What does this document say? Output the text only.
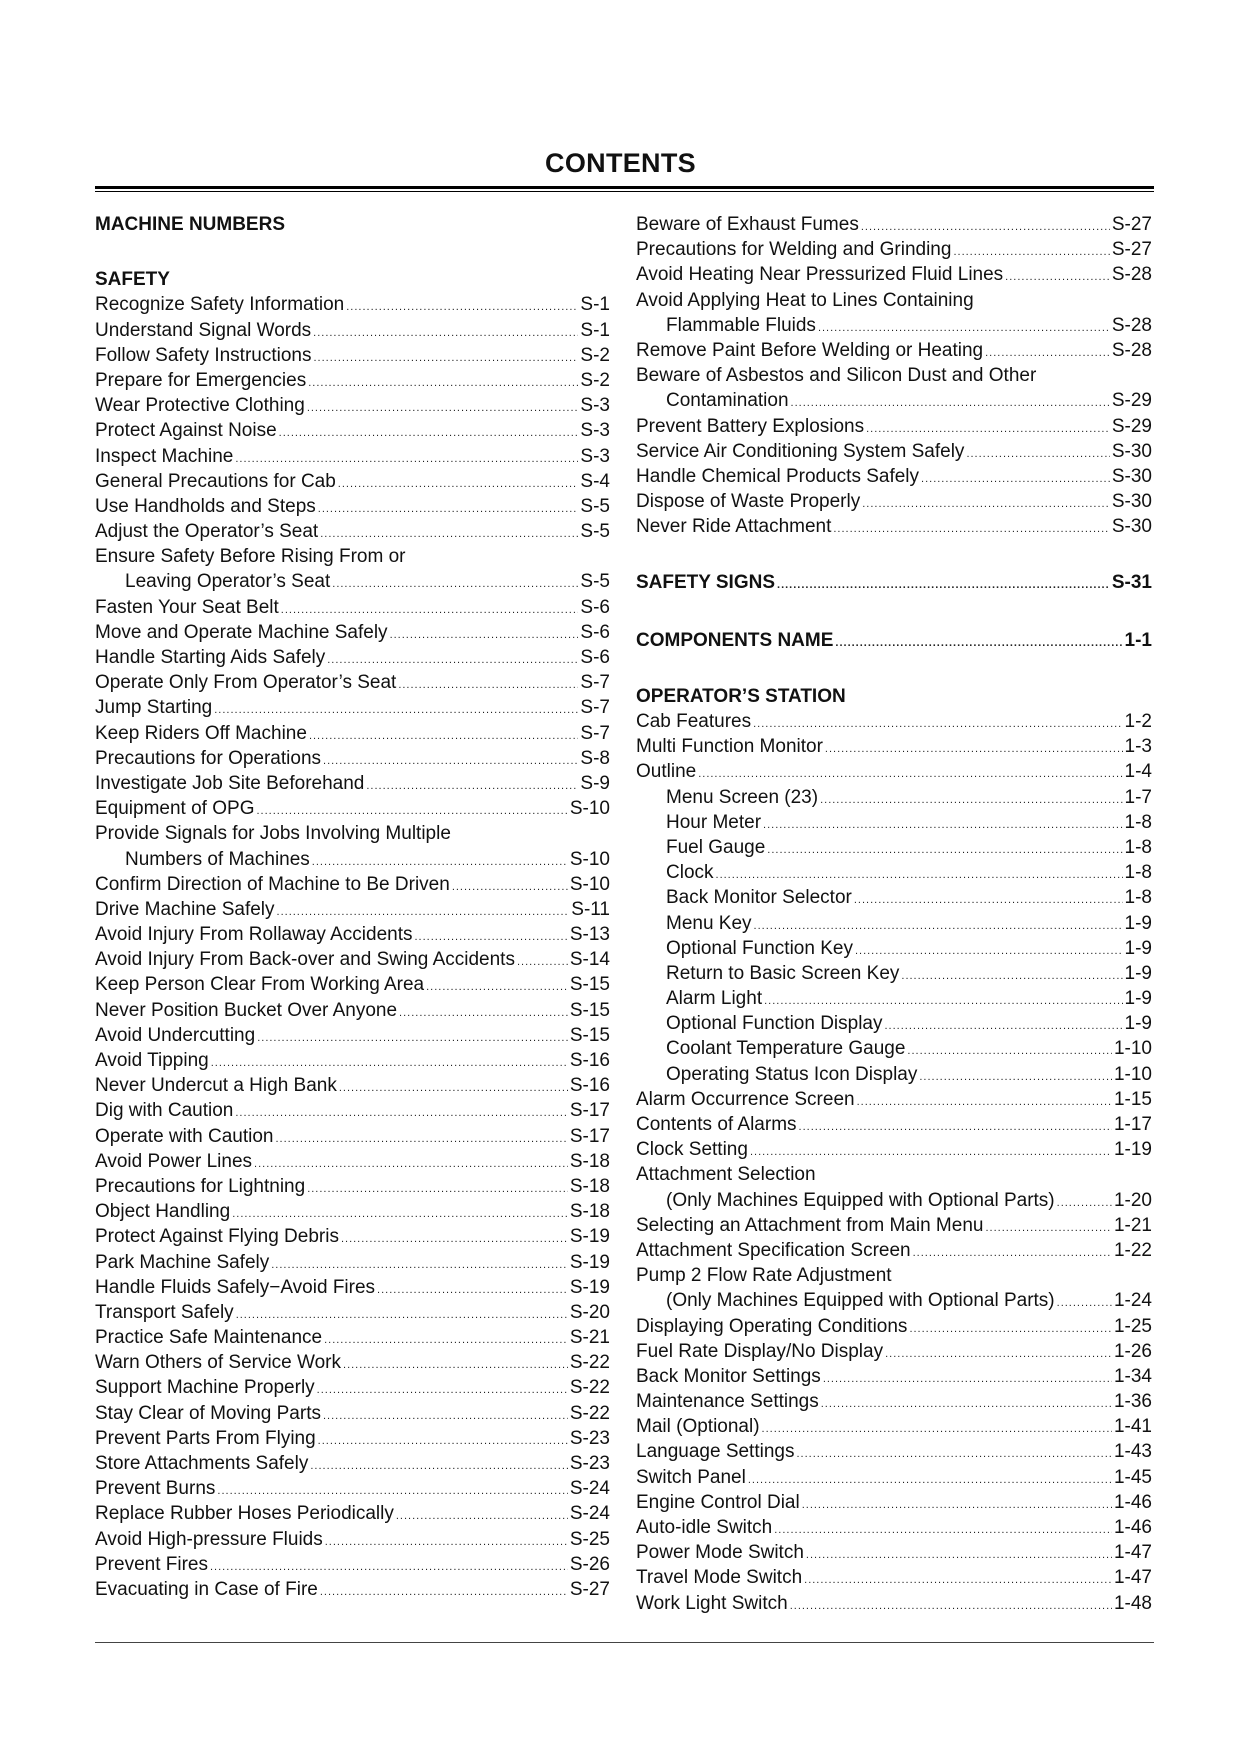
CONTENTS
MACHINE NUMBERS
SAFETY
Recognize Safety Information .....	S-1
Understand Signal Words .....	S-1
Follow Safety Instructions .....	S-2
Prepare for Emergencies .....	S-2
Wear Protective Clothing .....	S-3
Protect Against Noise .....	S-3
Inspect Machine .....	S-3
General Precautions for Cab .....	S-4
Use Handholds and Steps .....	S-5
Adjust the Operator’s Seat .....	S-5
Ensure Safety Before Rising From or
Leaving Operator’s Seat .....	S-5
Fasten Your Seat Belt .....	S-6
Move and Operate Machine Safely .....	S-6
Handle Starting Aids Safely .....	S-6
Operate Only From Operator’s Seat .....	S-7
Jump Starting .....	S-7
Keep Riders Off Machine .....	S-7
Precautions for Operations .....	S-8
Investigate Job Site Beforehand .....	S-9
Equipment of OPG .....	S-10
Provide Signals for Jobs Involving Multiple
Numbers of Machines .....	S-10
Confirm Direction of Machine to Be Driven .....	S-10
Drive Machine Safely .....	S-11
Avoid Injury From Rollaway Accidents .....	S-13
Avoid Injury From Back-over and Swing Accidents .....	S-14
Keep Person Clear From Working Area .....	S-15
Never Position Bucket Over Anyone .....	S-15
Avoid Undercutting .....	S-15
Avoid Tipping .....	S-16
Never Undercut a High Bank .....	S-16
Dig with Caution .....	S-17
Operate with Caution .....	S-17
Avoid Power Lines .....	S-18
Precautions for Lightning .....	S-18
Object Handling .....	S-18
Protect Against Flying Debris .....	S-19
Park Machine Safely .....	S-19
Handle Fluids Safely−Avoid Fires .....	S-19
Transport Safely .....	S-20
Practice Safe Maintenance .....	S-21
Warn Others of Service Work .....	S-22
Support Machine Properly .....	S-22
Stay Clear of Moving Parts .....	S-22
Prevent Parts From Flying .....	S-23
Store Attachments Safely .....	S-23
Prevent Burns .....	S-24
Replace Rubber Hoses Periodically .....	S-24
Avoid High-pressure Fluids .....	S-25
Prevent Fires .....	S-26
Evacuating in Case of Fire .....	S-27
Beware of Exhaust Fumes .....	S-27
Precautions for Welding and Grinding .....	S-27
Avoid Heating Near Pressurized Fluid Lines .....	S-28
Avoid Applying Heat to Lines Containing
Flammable Fluids .....	S-28
Remove Paint Before Welding or Heating .....	S-28
Beware of Asbestos and Silicon Dust and Other
Contamination .....	S-29
Prevent Battery Explosions .....	S-29
Service Air Conditioning System Safely .....	S-30
Handle Chemical Products Safely .....	S-30
Dispose of Waste Properly .....	S-30
Never Ride Attachment .....	S-30
SAFETY SIGNS .....	S-31
COMPONENTS NAME .....	1-1
OPERATOR’S STATION
Cab Features .....	1-2
Multi Function Monitor .....	1-3
Outline .....	1-4
Menu Screen (23) .....	1-7
Hour Meter .....	1-8
Fuel Gauge .....	1-8
Clock .....	1-8
Back Monitor Selector .....	1-8
Menu Key .....	1-9
Optional Function Key .....	1-9
Return to Basic Screen Key .....	1-9
Alarm Light .....	1-9
Optional Function Display .....	1-9
Coolant Temperature Gauge .....	1-10
Operating Status Icon Display .....	1-10
Alarm Occurrence Screen .....	1-15
Contents of Alarms .....	1-17
Clock Setting .....	1-19
Attachment Selection
(Only Machines Equipped with Optional Parts) .....	1-20
Selecting an Attachment from Main Menu .....	1-21
Attachment Specification Screen .....	1-22
Pump 2 Flow Rate Adjustment
(Only Machines Equipped with Optional Parts) .....	1-24
Displaying Operating Conditions .....	1-25
Fuel Rate Display/No Display .....	1-26
Back Monitor Settings .....	1-34
Maintenance Settings .....	1-36
Mail (Optional) .....	1-41
Language Settings .....	1-43
Switch Panel .....	1-45
Engine Control Dial .....	1-46
Auto-idle Switch .....	1-46
Power Mode Switch .....	1-47
Travel Mode Switch .....	1-47
Work Light Switch .....	1-48
